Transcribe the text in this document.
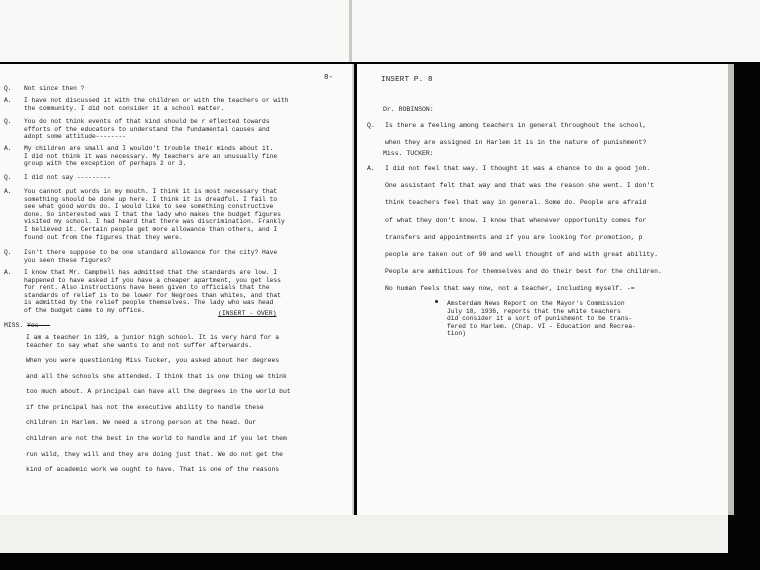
8-
Q. Not since then ?
A. I have not discussed it with the children or with the teachers or with
the community. I did not consider it a school matter.
Q. You do not think events of that kind should be r eflected towards
efforts of the educators to understand the fundamental causes and
adopt some attitude--------
A. My children are small and I wouldn't trouble their minds about it.
I did not think it was necessary. My teachers are an unusually fine
group with the exception of perhaps 2 or 3.
Q. I did not say ---------
A. You cannot put words in my mouth. I think it is most necessary that
something should be done up here. I think it is dreadful. I fail to
see what good words do. I would like to see something constructive
done. So interested was I that the lady who makes the budget figures
visited my school. I had heard that there was discrimination. Frankly
I believed it. Certain people get more allowance than others, and I
found out from the figures that they were.
Q. Isn't there suppose to be one standard allowance for the city? Have
you seen these figures?
A. I know that Mr. Campbell has admitted that the standards are low. I
happened to have asked if you have a cheaper apartment, you get less
for rent. Also instructions have been given to officials that the
standards of relief is to be lower for Negroes than whites, and that
is admitted by the relief people themselves. The lady who was head
of the budget came to my office.	(INSERT - OVER)
MISS. Yes---
I am a teacher in 139, a junior high school. It is very hard for a
teacher to say what she wants to and not suffer afterwards.
When you were questioning Miss Tucker, you asked about her degrees
and all the schools she attended. I think that is one thing we think
too much about. A principal can have all the degrees in the world but
if the principal has not the executive ability to handle these
children in Harlem. We need a strong person at the head. Our
children are not the best in the world to handle and if you let them
run wild, they will and they are doing just that. We do not get the
kind of academic work we ought to have. That is one of the reasons
INSERT P. 8
Dr. ROBINSON:
Q. Is there a feeling among teachers in general throughout the school,
when they are assigned in Harlem it is in the nature of punishment?
Miss. TUCKER:
A. I did not feel that way. I thought it was a chance to do a good job.
One assistant felt that way and that was the reason she went. I don't
think teachers feel that way in general. Some do. People are afraid
of what they don't know. I know that whenever opportunity comes for
transfers and appointments and if you are looking for promotion, p
people are taken out of 90 and well thought of and with great ability.
People are ambitious for themselves and do their best for the children.
No human feels that way now, not a teacher, including myself. -=
Amsterdam News Report on the Mayor's Commission
July 18, 1936, reports that the white teachers
did consider it a sort of punishment to be trans-
fered to Harlem. (Chap. VI - Education and Recrea-
tion)
